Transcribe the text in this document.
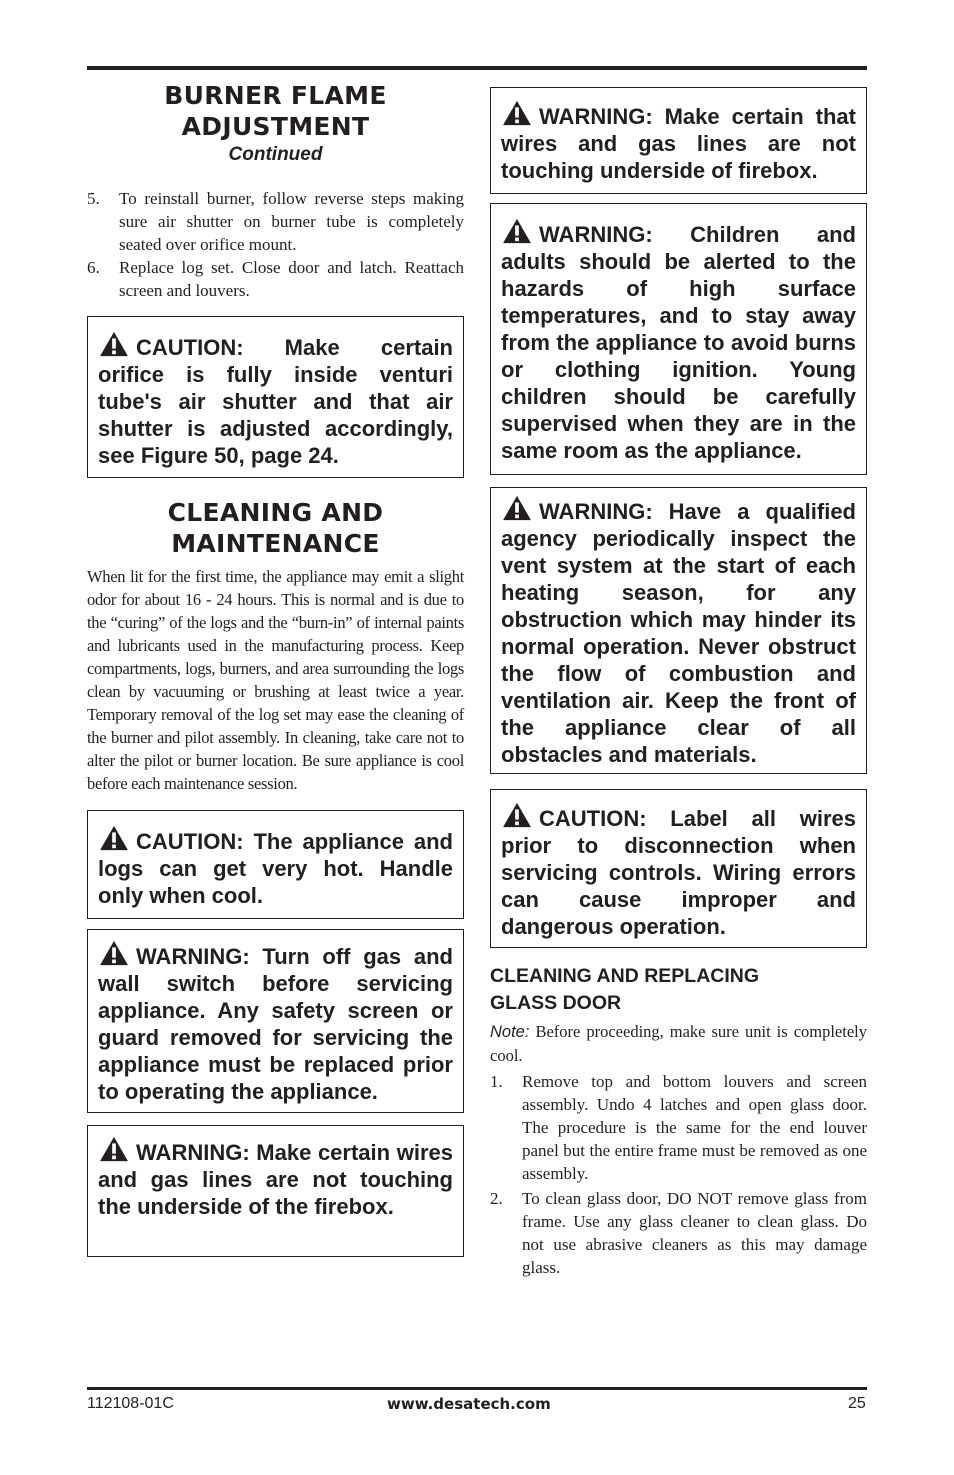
BURNER FLAME
ADJUSTMENT
Continued
5. To reinstall burner, follow reverse steps making sure air shutter on burner tube is completely seated over orifice mount.
6. Replace log set. Close door and latch. Reattach screen and louvers.
CAUTION: Make certain orifice is fully inside venturi tube's air shutter and that air shutter is adjusted accordingly, see Figure 50, page 24.
CLEANING AND
MAINTENANCE

When lit for the first time, the appliance may emit a slight odor for about 16 - 24 hours. This is normal and is due to the “curing” of the logs and the “burn-in” of internal paints and lubricants used in the manufacturing process. Keep compartments, logs, burners, and area surrounding the logs clean by vacuuming or brushing at least twice a year. Temporary removal of the log set may ease the cleaning of the burner and pilot assembly. In cleaning, take care not to alter the pilot or burner location. Be sure appliance is cool before each maintenance session.

CAUTION: The appliance and logs can get very hot. Handle only when cool.
WARNING: Turn off gas and wall switch before servicing appliance. Any safety screen or guard removed for servicing the appliance must be replaced prior to operating the appliance.
WARNING: Make certain wires and gas lines are not touching the underside of the firebox.
WARNING: Make certain that wires and gas lines are not touching underside of firebox.
WARNING: Children and adults should be alerted to the hazards of high surface temperatures, and to stay away from the appliance to avoid burns or clothing ignition. Young children should be carefully supervised when they are in the same room as the appliance.
WARNING: Have a qualified agency periodically inspect the vent system at the start of each heating season, for any obstruction which may hinder its normal operation. Never obstruct the flow of combustion and ventilation air. Keep the front of the appliance clear of all obstacles and materials.
CAUTION: Label all wires prior to disconnection when servicing controls. Wiring errors can cause improper and dangerous operation.
CLEANING AND REPLACING
GLASS DOOR

Note: Before proceeding, make sure unit is completely cool.

1. Remove top and bottom louvers and screen assembly. Undo 4 latches and open glass door. The procedure is the same for the end louver panel but the entire frame must be removed as one assembly.
2. To clean glass door, DO NOT remove glass from frame. Use any glass cleaner to clean glass. Do not use abrasive cleaners as this may damage glass.
112108-01C	www.desatech.com	25
